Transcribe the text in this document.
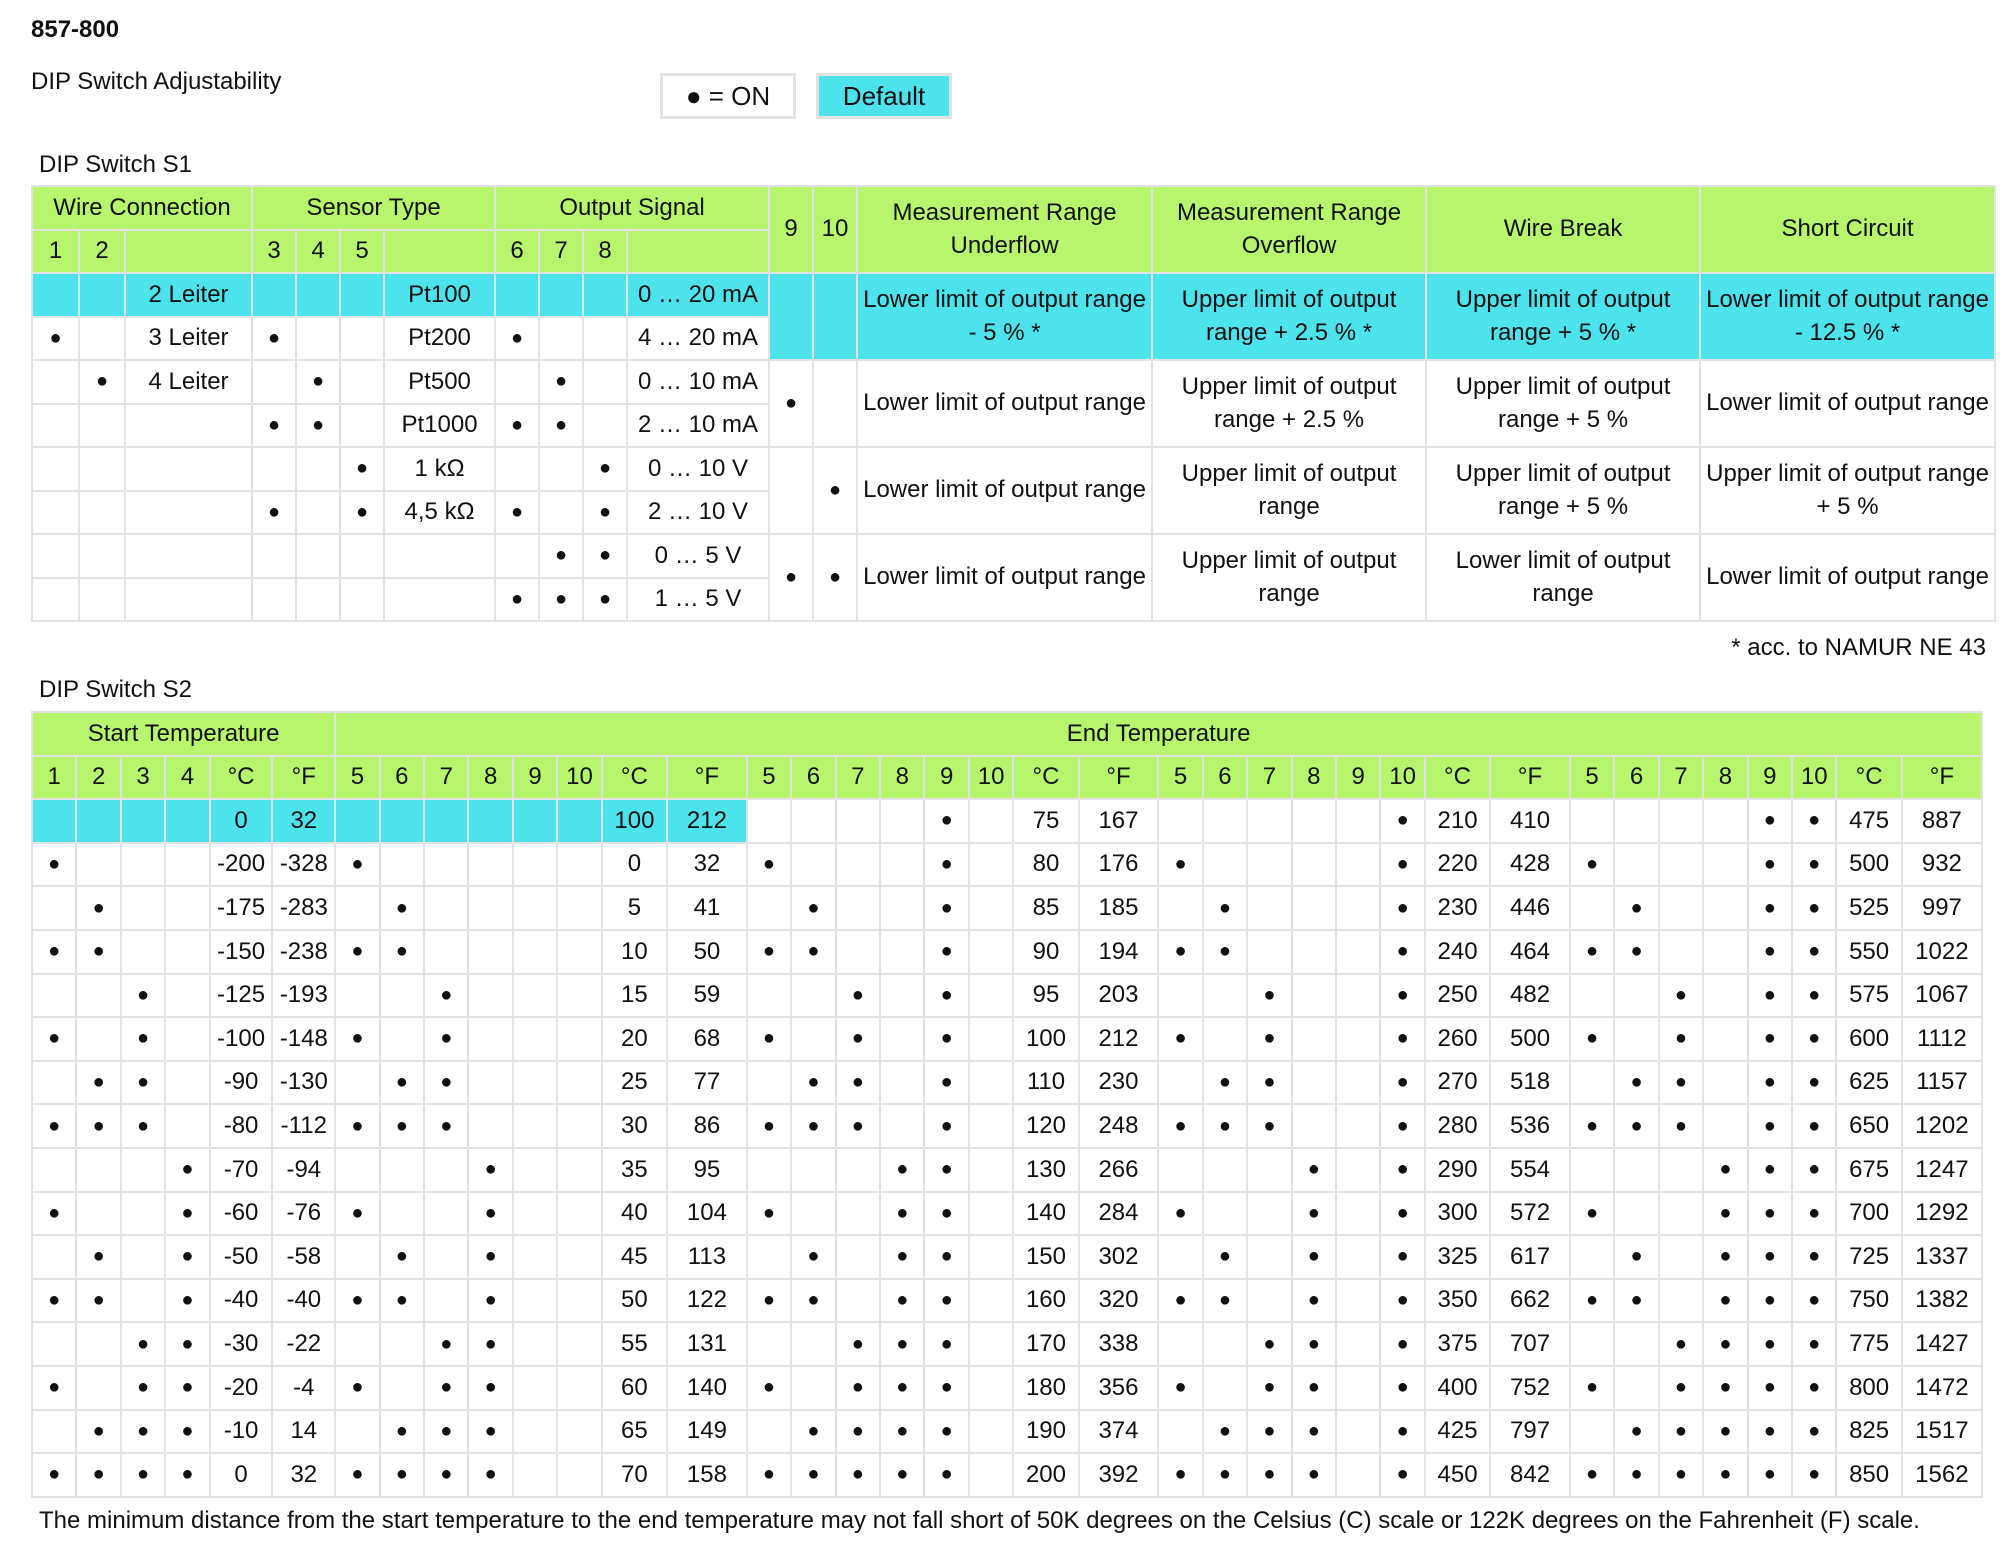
857-800
DIP Switch Adjustability	● = ON	Default
DIP Switch S1
Wire Connection			Sensor Type				Output Signal				9	10	Measurement Range Underflow	Measurement Range Overflow	Wire Break	Short Circuit
1	2		3	4	5		6	7	8							
		2 Leiter				Pt100				0 … 20 mA			Lower limit of output range - 5 % *	Upper limit of output range + 2.5 % *	Upper limit of output range + 5 % *	Lower limit of output range - 12.5 % *
●		3 Leiter	●			Pt200	●			4 … 20 mA						
	●	4 Leiter		●		Pt500		●		0 … 10 mA	●		Lower limit of output range	Upper limit of output range + 2.5 %	Upper limit of output range + 5 %	Lower limit of output range
			●	●		Pt1000	●	●		2 … 10 mA						
					●	1 kΩ			●	0 … 10 V		●	Lower limit of output range	Upper limit of output range	Upper limit of output range + 5 %	Upper limit of output range + 5 %
			●		●	4,5 kΩ	●		●	2 … 10 V						
								●	●	0 … 5 V	●	●	Lower limit of output range	Upper limit of output range	Lower limit of output range	Lower limit of output range
							●	●	●	1 … 5 V						
* acc. to NAMUR NE 43
DIP Switch S2
Start Temperature						End Temperature																															
1	2	3	4	°C	°F	5	6	7	8	9	10	°C	°F	5	6	7	8	9	10	°C	°F	5	6	7	8	9	10	°C	°F	5	6	7	8	9	10	°C	°F
				0	32							100	212					●		75	167						●	210	410					●	●	475	887
●				-200	-328	●						0	32	●				●		80	176	●					●	220	428	●				●	●	500	932
	●			-175	-283		●					5	41		●			●		85	185		●				●	230	446		●			●	●	525	997
●	●			-150	-238	●	●					10	50	●	●			●		90	194	●	●				●	240	464	●	●			●	●	550	1022
		●		-125	-193			●				15	59			●		●		95	203			●			●	250	482			●		●	●	575	1067
●		●		-100	-148	●		●				20	68	●		●		●		100	212	●		●			●	260	500	●		●		●	●	600	1112
	●	●		-90	-130		●	●				25	77		●	●		●		110	230		●	●			●	270	518		●	●		●	●	625	1157
●	●	●		-80	-112	●	●	●				30	86	●	●	●		●		120	248	●	●	●			●	280	536	●	●	●		●	●	650	1202
			●	-70	-94				●			35	95				●	●		130	266				●		●	290	554				●	●	●	675	1247
●			●	-60	-76	●			●			40	104	●			●	●		140	284	●			●		●	300	572	●			●	●	●	700	1292
	●		●	-50	-58		●		●			45	113		●		●	●		150	302		●		●		●	325	617		●		●	●	●	725	1337
●	●		●	-40	-40	●	●		●			50	122	●	●		●	●		160	320	●	●		●		●	350	662	●	●		●	●	●	750	1382
		●	●	-30	-22			●	●			55	131			●	●	●		170	338			●	●		●	375	707			●	●	●	●	775	1427
●		●	●	-20	-4	●		●	●			60	140	●		●	●	●		180	356	●		●	●		●	400	752	●		●	●	●	●	800	1472
	●	●	●	-10	14		●	●	●			65	149		●	●	●	●		190	374		●	●	●		●	425	797		●	●	●	●	●	825	1517
●	●	●	●	0	32	●	●	●	●			70	158	●	●	●	●	●		200	392	●	●	●	●		●	450	842	●	●	●	●	●	●	850	1562
The minimum distance from the start temperature to the end temperature may not fall short of 50K degrees on the Celsius (C) scale or 122K degrees on the Fahrenheit (F) scale.
